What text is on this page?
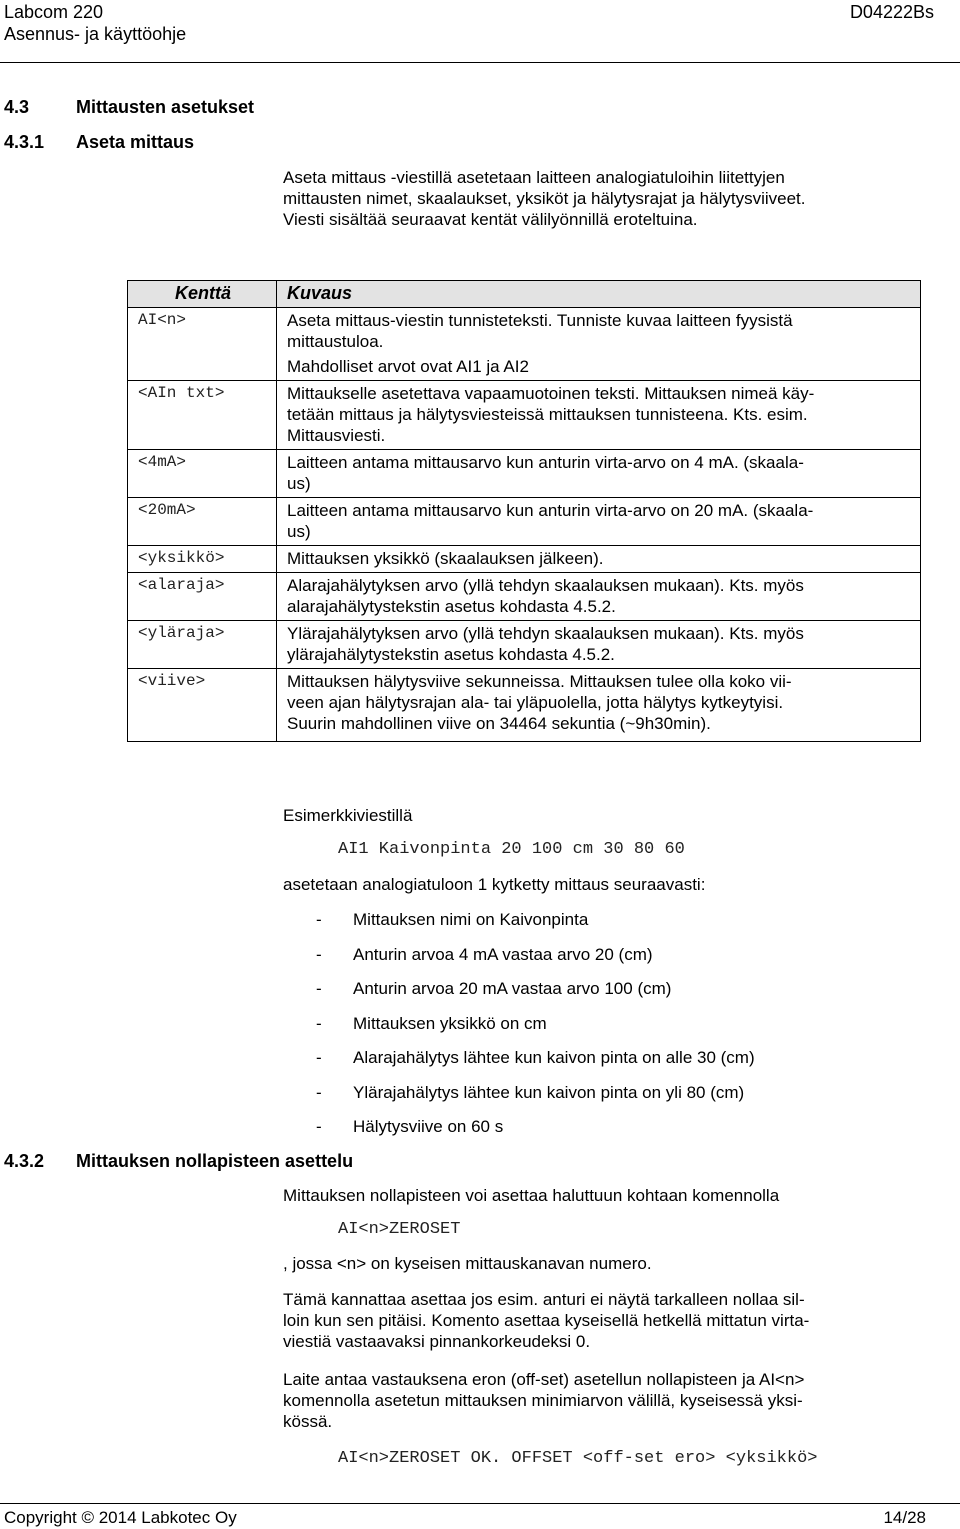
Labcom 220
Asennus- ja käyttöohje
D04222Bs
4.3	Mittausten asetukset
4.3.1 Aseta mittaus
Aseta mittaus -viestillä asetetaan laitteen analogiatuloihin liitettyjen
mittausten nimet, skaalaukset, yksiköt ja hälytysrajat ja hälytysviiveet.
Viesti sisältää seuraavat kentät välilyönnillä eroteltuina.
Kenttä	Kuvaus
AI<n>	Aseta mittaus-viestin tunnisteteksti. Tunniste kuvaa laitteen fyysistä
mittaustuloa.
Mahdolliset arvot ovat AI1 ja AI2

<AIn txt>	Mittaukselle asetettava vapaamuotoinen teksti. Mittauksen nimeä käy-
tetään mittaus ja hälytysviesteissä mittauksen tunnisteena. Kts. esim.
Mittausviesti.

<4mA>	Laitteen antama mittausarvo kun anturin virta-arvo on 4 mA. (skaala-
us)

<20mA>	Laitteen antama mittausarvo kun anturin virta-arvo on 20 mA. (skaala-
us)

<yksikkö>	Mittauksen yksikkö (skaalauksen jälkeen).

<alaraja>	Alarajahälytyksen arvo (yllä tehdyn skaalauksen mukaan). Kts. myös
alarajahälytystekstin asetus kohdasta 4.5.2.

<yläraja>	Ylärajahälytyksen arvo (yllä tehdyn skaalauksen mukaan). Kts. myös
ylärajahälytystekstin asetus kohdasta 4.5.2.

<viive>	Mittauksen hälytysviive sekunneissa. Mittauksen tulee olla koko vii-
veen ajan hälytysrajan ala- tai yläpuolella, jotta hälytys kytkeytyisi.
Suurin mahdollinen viive on 34464 sekuntia (~9h30min).
Esimerkkiviestillä
AI1 Kaivonpinta 20 100 cm 30 80 60
asetetaan analogiatuloon 1 kytketty mittaus seuraavasti:
- Mittauksen nimi on Kaivonpinta
- Anturin arvoa 4 mA vastaa arvo 20 (cm)
- Anturin arvoa 20 mA vastaa arvo 100 (cm)
- Mittauksen yksikkö on cm
- Alarajahälytys lähtee kun kaivon pinta on alle 30 (cm)
- Ylärajahälytys lähtee kun kaivon pinta on yli 80 (cm)
- Hälytysviive on 60 s
4.3.2 Mittauksen nollapisteen asettelu
Mittauksen nollapisteen voi asettaa haluttuun kohtaan komennolla
AI<n>ZEROSET
, jossa <n> on kyseisen mittauskanavan numero.
Tämä kannattaa asettaa jos esim. anturi ei näytä tarkalleen nollaa sil-
loin kun sen pitäisi. Komento asettaa kyseisellä hetkellä mittatun virta-
viestiä vastaavaksi pinnankorkeudeksi 0.
Laite antaa vastauksena eron (off-set) asetellun nollapisteen ja AI<n>
komennolla asetetun mittauksen minimiarvon välillä, kyseisessä yksi-
kössä.
AI<n>ZEROSET OK. OFFSET <off-set ero> <yksikkö>
Copyright © 2014 Labkotec Oy	14/28
